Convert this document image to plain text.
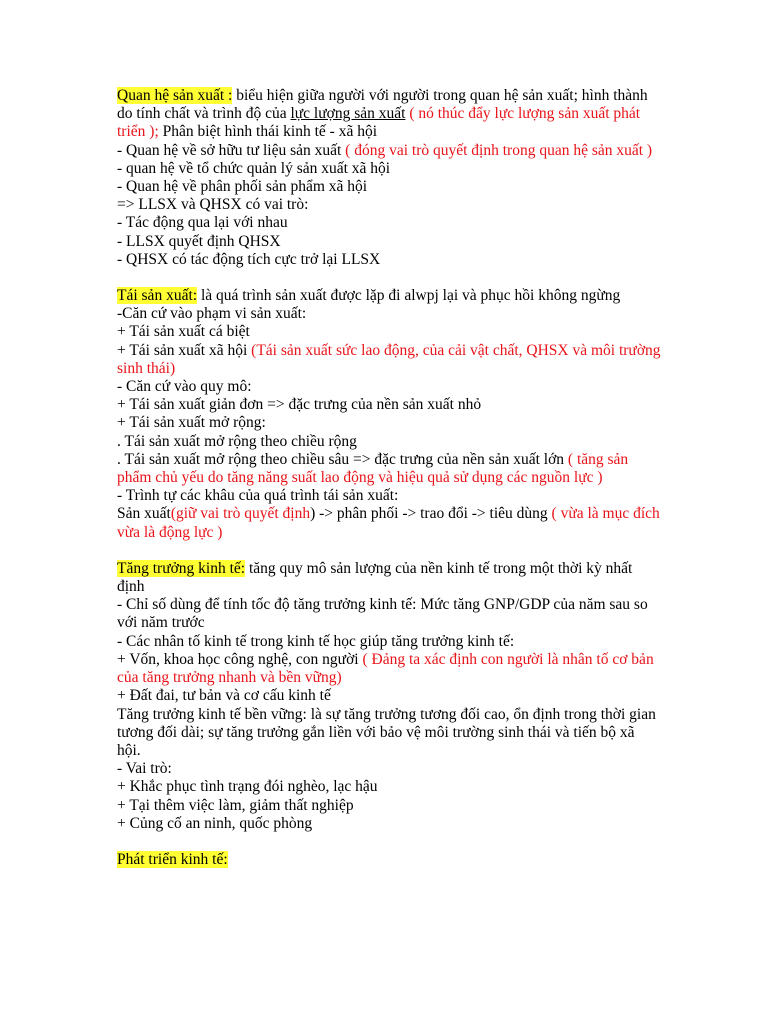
Quan hệ sản xuất : biểu hiện giữa người với người trong quan hệ sản xuất; hình thành do tính chất và trình độ của lực lượng sản xuất ( nó thúc đẩy lực lượng sản xuất phát triển ); Phân biệt hình thái kinh tế - xã hội

- Quan hệ về sở hữu tư liệu sản xuất ( đóng vai trò quyết định trong quan hệ sản xuất )

- quan hệ về tổ chức quản lý sản xuất xã hội

- Quan hệ về phân phối sản phẩm xã hội

=> LLSX và QHSX có vai trò:

- Tác động qua lại với nhau

- LLSX quyết định QHSX

- QHSX có tác động tích cực trở lại LLSX

Tái sản xuất: là quá trình sản xuất được lặp đi alwpj lại và phục hồi không ngừng

-Căn cứ vào phạm vi sản xuất:

+ Tái sản xuất cá biệt

+ Tái sản xuất xã hội (Tái sản xuất sức lao động, của cải vật chất, QHSX và môi trường sinh thái)

- Căn cứ vào quy mô:

+ Tái sản xuất giản đơn => đặc trưng của nền sản xuất nhỏ

+ Tái sản xuất mở rộng:

. Tái sản xuất mở rộng theo chiều rộng

. Tái sản xuất mở rộng theo chiều sâu => đặc trưng của nền sản xuất lớn ( tăng sản phẩm chủ yếu do tăng năng suất lao động và hiệu quả sử dụng các nguồn lực )

- Trình tự các khâu của quá trình tái sản xuất:

Sản xuất(giữ vai trò quyết định) -> phân phối -> trao đổi -> tiêu dùng ( vừa là mục đích vừa là động lực )

Tăng trưởng kinh tế: tăng quy mô sản lượng của nền kinh tế trong một thời kỳ nhất định

- Chỉ số dùng để tính tốc độ tăng trưởng kinh tế: Mức tăng GNP/GDP của năm sau so với năm trước

- Các nhân tố kinh tế trong kinh tế học giúp tăng trưởng kinh tế:

+ Vốn, khoa học công nghệ, con người ( Đảng ta xác định con người là nhân tố cơ bản của tăng trưởng nhanh và bền vững)

+ Đất đai, tư bản và cơ cấu kinh tế

Tăng trưởng kinh tế bền vững: là sự tăng trưởng tương đối cao, ổn định trong thời gian tương đối dài; sự tăng trưởng gắn liền với bảo vệ môi trường sinh thái và tiến bộ xã hội.

- Vai trò:

+ Khắc phục tình trạng đói nghèo, lạc hậu

+ Tại thêm việc làm, giảm thất nghiệp

+ Củng cố an ninh, quốc phòng

Phát triển kinh tế:
